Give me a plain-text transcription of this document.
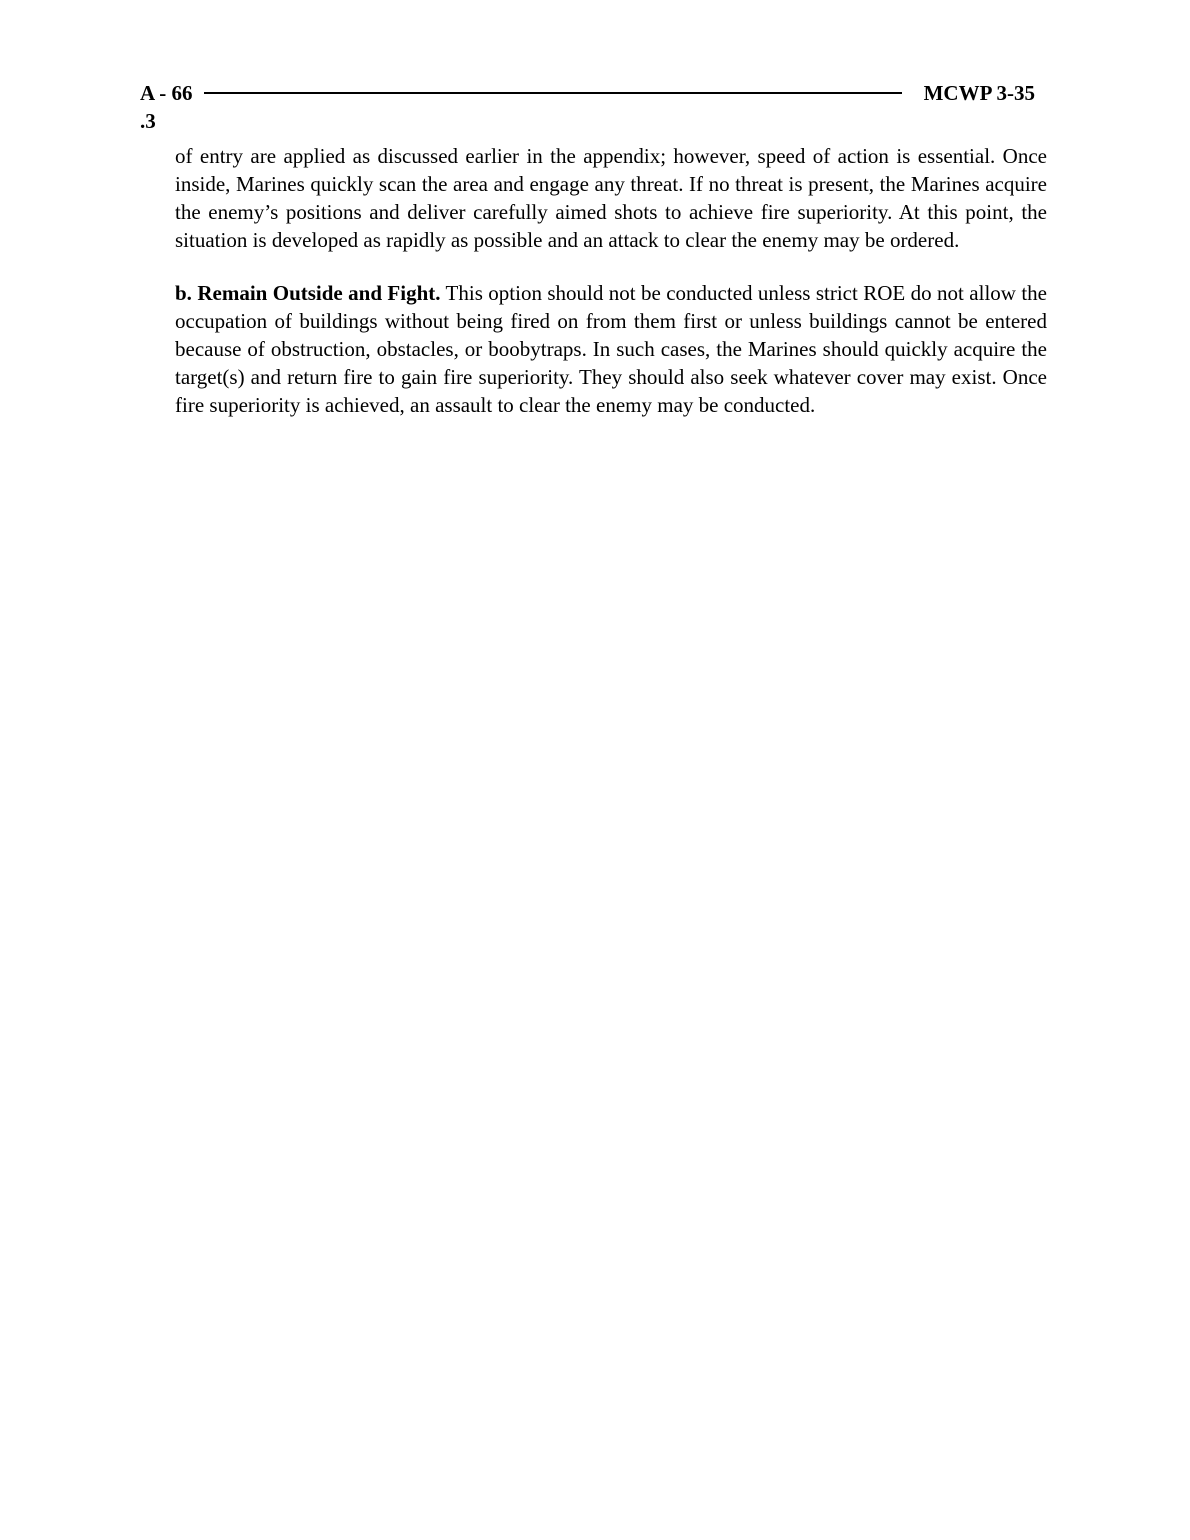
A - 66	MCWP 3-35
.3

of entry are applied as discussed earlier in the appendix; however, speed of action is essential. Once inside, Marines quickly scan the area and engage any threat. If no threat is present, the Marines acquire the enemy’s positions and deliver carefully aimed shots to achieve fire superiority. At this point, the situation is developed as rapidly as possible and an attack to clear the enemy may be ordered.

b. Remain Outside and Fight. This option should not be conducted unless strict ROE do not allow the occupation of buildings without being fired on from them first or unless buildings cannot be entered because of obstruction, obstacles, or boobytraps. In such cases, the Marines should quickly acquire the target(s) and return fire to gain fire superiority. They should also seek whatever cover may exist. Once fire superiority is achieved, an assault to clear the enemy may be conducted.
